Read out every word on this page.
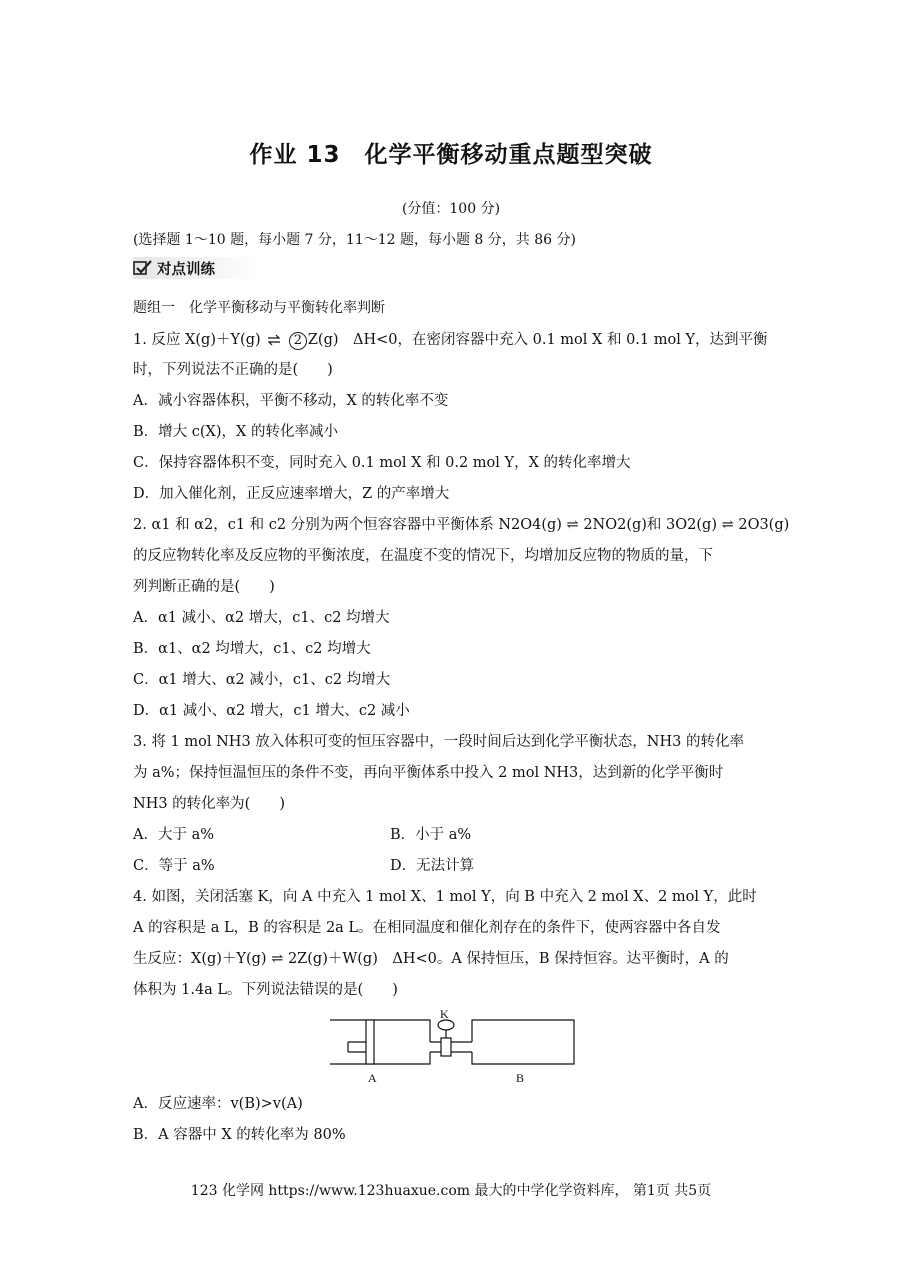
作业 13　化学平衡移动重点题型突破
(分值：100 分)
(选择题 1～10 题，每小题 7 分，11～12 题，每小题 8 分，共 86 分)
对点训练
题组一　化学平衡移动与平衡转化率判断
1. 反应 X(g)＋Y(g) ⇌ 2 Z(g)　ΔH<0，在密闭容器中充入 0.1 mol X 和 0.1 mol Y，达到平衡
时，下列说法不正确的是(　　)
A．减小容器体积，平衡不移动，X 的转化率不变
B．增大 c(X)，X 的转化率减小
C．保持容器体积不变，同时充入 0.1 mol X 和 0.2 mol Y，X 的转化率增大
D．加入催化剂，正反应速率增大，Z 的产率增大
2. α1 和 α2，c1 和 c2 分别为两个恒容容器中平衡体系 N2O4(g) ⇌ 2NO2(g)和 3O2(g) ⇌ 2O3(g)
的反应物转化率及反应物的平衡浓度，在温度不变的情况下，均增加反应物的物质的量，下
列判断正确的是(　　)
A．α1 减小、α2 增大，c1、c2 均增大
B．α1、α2 均增大，c1、c2 均增大
C．α1 增大、α2 减小，c1、c2 均增大
D．α1 减小、α2 增大，c1 增大、c2 减小
3. 将 1 mol NH3 放入体积可变的恒压容器中，一段时间后达到化学平衡状态，NH3 的转化率
为 a%；保持恒温恒压的条件不变，再向平衡体系中投入 2 mol NH3，达到新的化学平衡时
NH3 的转化率为(　　)
A．大于 a%	B．小于 a%
C．等于 a%	D．无法计算
4. 如图，关闭活塞 K，向 A 中充入 1 mol X、1 mol Y，向 B 中充入 2 mol X、2 mol Y，此时
A 的容积是 a L，B 的容积是 2a L。在相同温度和催化剂存在的条件下，使两容器中各自发
生反应：X(g)＋Y(g) ⇌ 2Z(g)＋W(g)　ΔH<0。A 保持恒压，B 保持恒容。达平衡时，A 的
体积为 1.4a L。下列说法错误的是(　　)
K
A	B
A．反应速率：v(B)>v(A)
B．A 容器中 X 的转化率为 80%
123 化学网 https://www.123huaxue.com 最大的中学化学资料库， 第1页 共5页
